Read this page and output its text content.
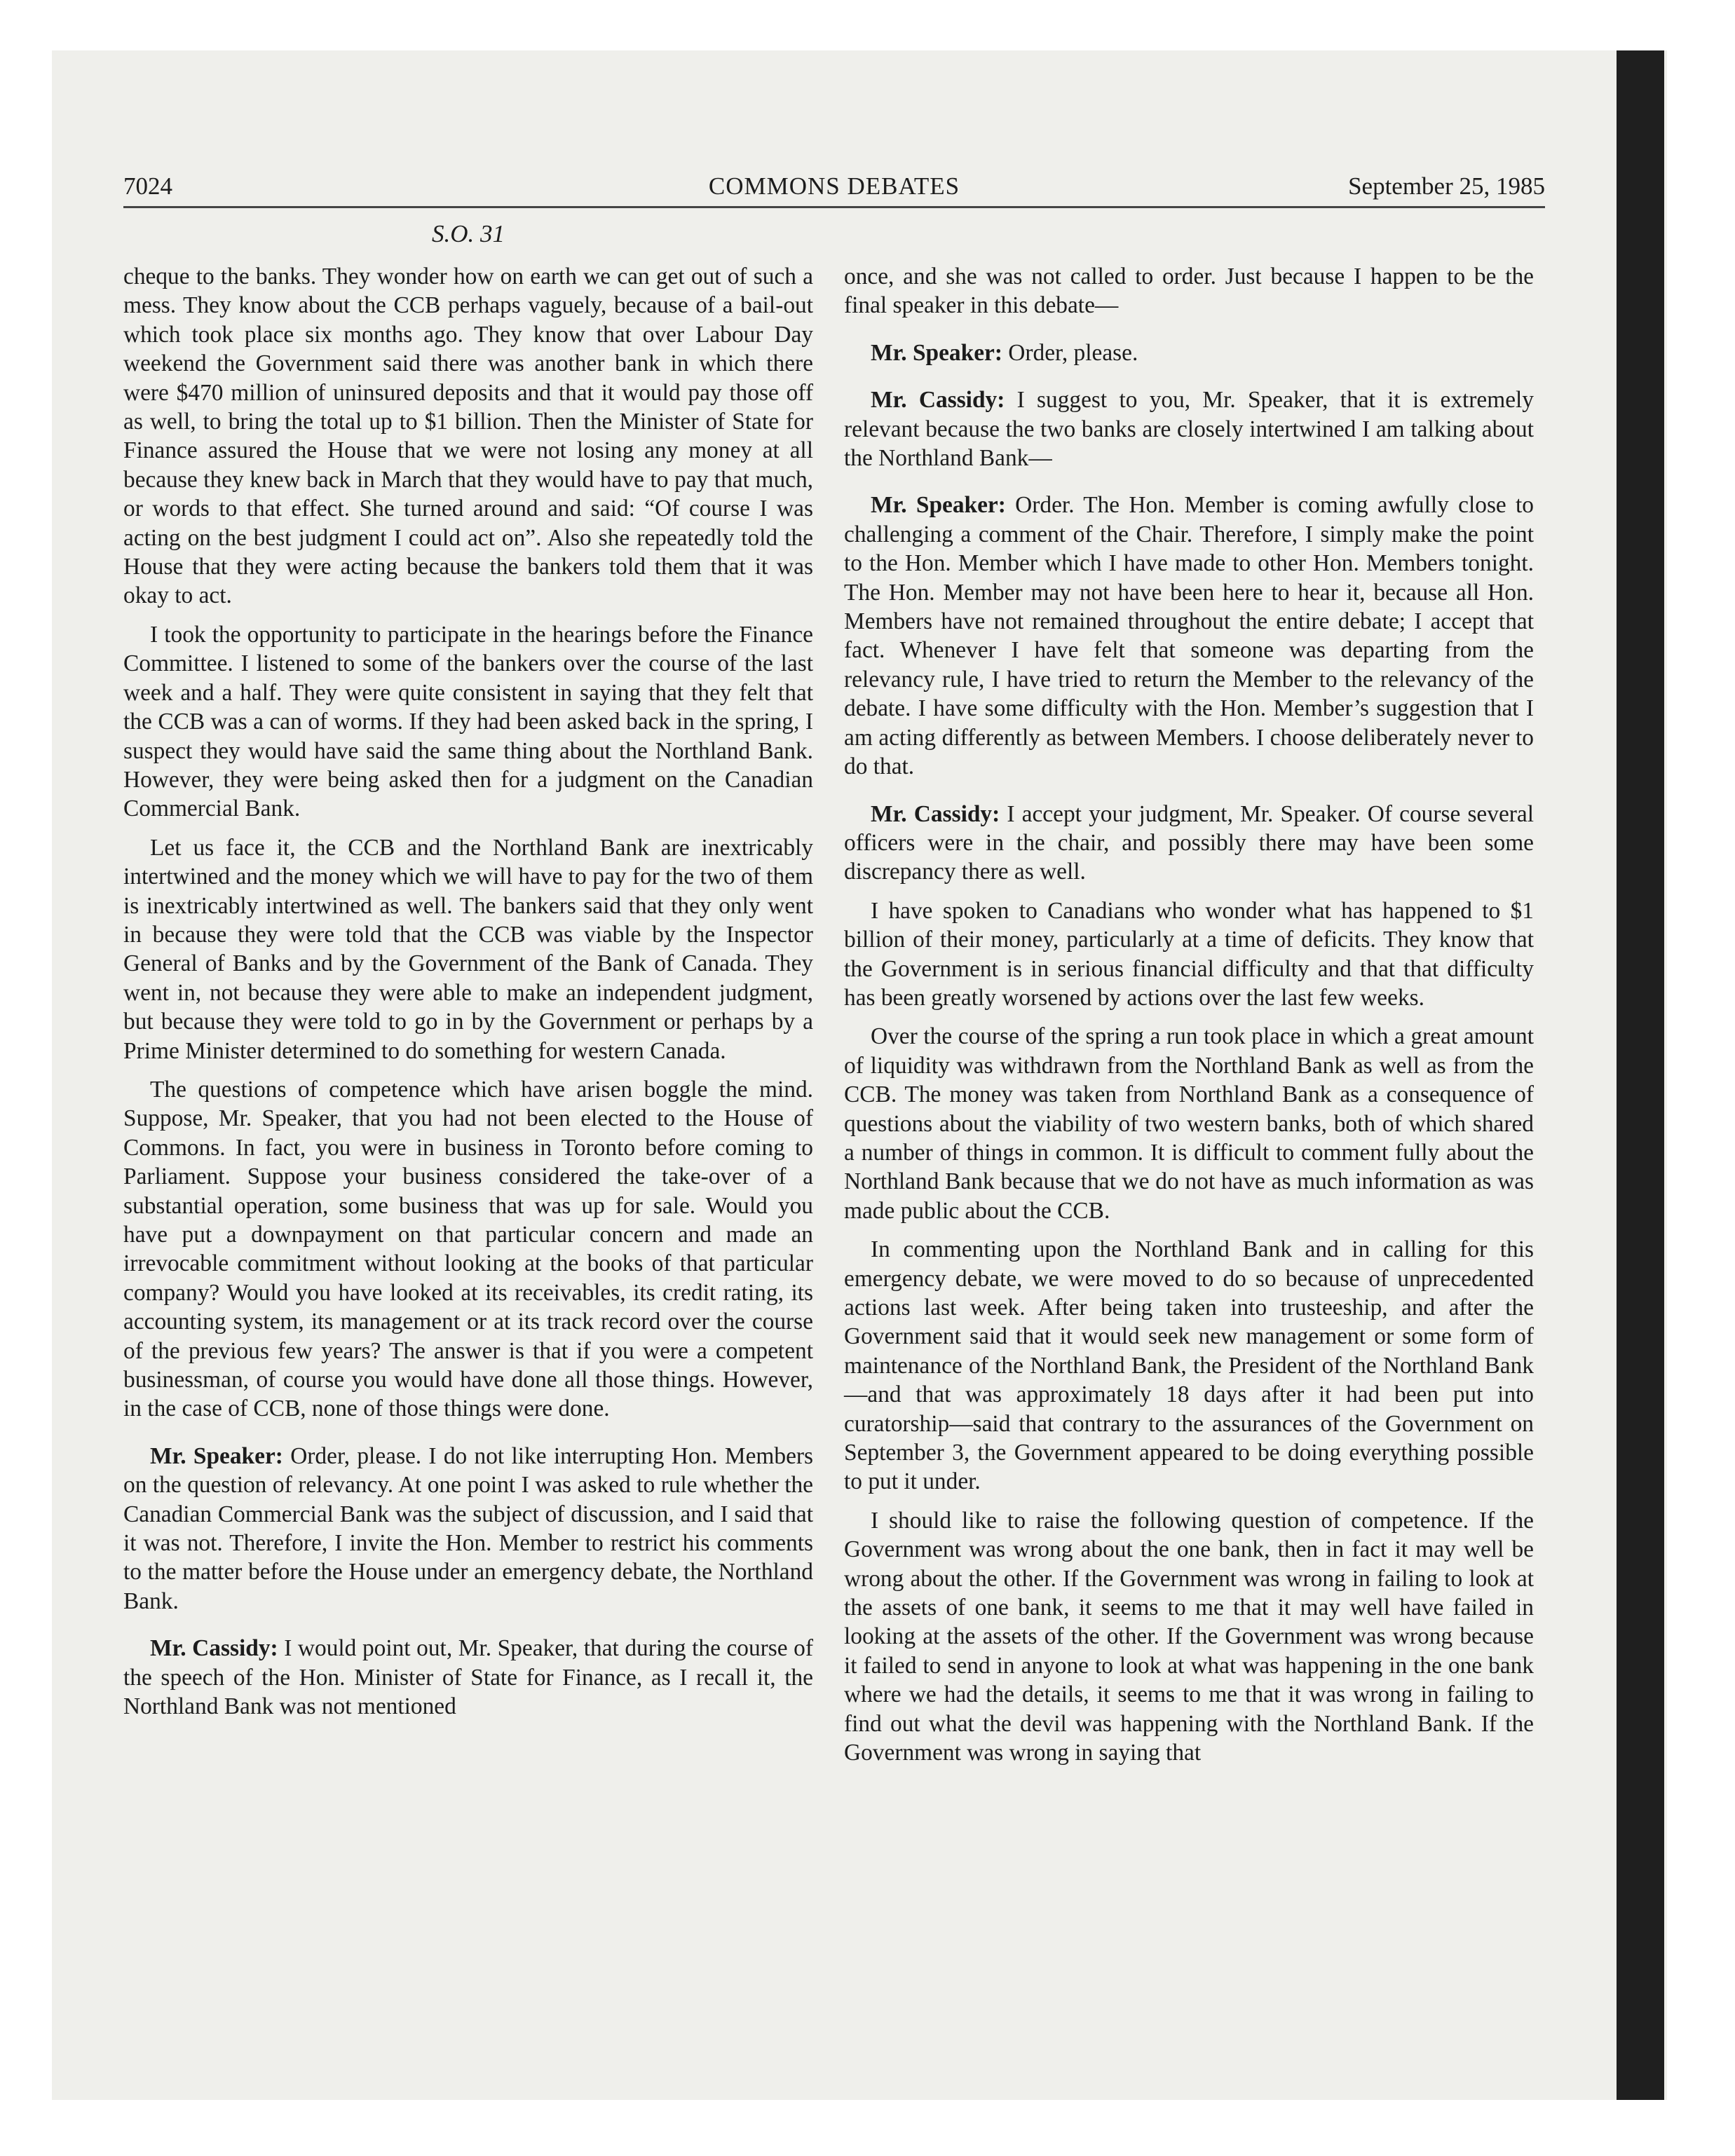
7024	COMMONS DEBATES	September 25, 1985
S.O. 31

cheque to the banks. They wonder how on earth we can get out of such a mess. They know about the CCB perhaps vaguely, because of a bail-out which took place six months ago. They know that over Labour Day weekend the Government said there was another bank in which there were $470 million of uninsured deposits and that it would pay those off as well, to bring the total up to $1 billion. Then the Minister of State for Finance assured the House that we were not losing any money at all because they knew back in March that they would have to pay that much, or words to that effect. She turned around and said: “Of course I was acting on the best judgment I could act on”. Also she repeatedly told the House that they were acting because the bankers told them that it was okay to act.

I took the opportunity to participate in the hearings before the Finance Committee. I listened to some of the bankers over the course of the last week and a half. They were quite consistent in saying that they felt that the CCB was a can of worms. If they had been asked back in the spring, I suspect they would have said the same thing about the Northland Bank. However, they were being asked then for a judgment on the Canadian Commercial Bank.

Let us face it, the CCB and the Northland Bank are inextricably intertwined and the money which we will have to pay for the two of them is inextricably intertwined as well. The bankers said that they only went in because they were told that the CCB was viable by the Inspector General of Banks and by the Government of the Bank of Canada. They went in, not because they were able to make an independent judgment, but because they were told to go in by the Government or perhaps by a Prime Minister determined to do something for western Canada.

The questions of competence which have arisen boggle the mind. Suppose, Mr. Speaker, that you had not been elected to the House of Commons. In fact, you were in business in Toronto before coming to Parliament. Suppose your business considered the take-over of a substantial operation, some business that was up for sale. Would you have put a downpayment on that particular concern and made an irrevocable commitment without looking at the books of that particular company? Would you have looked at its receivables, its credit rating, its accounting system, its management or at its track record over the course of the previous few years? The answer is that if you were a competent businessman, of course you would have done all those things. However, in the case of CCB, none of those things were done.

Mr. Speaker: Order, please. I do not like interrupting Hon. Members on the question of relevancy. At one point I was asked to rule whether the Canadian Commercial Bank was the subject of discussion, and I said that it was not. Therefore, I invite the Hon. Member to restrict his comments to the matter before the House under an emergency debate, the Northland Bank.

Mr. Cassidy: I would point out, Mr. Speaker, that during the course of the speech of the Hon. Minister of State for Finance, as I recall it, the Northland Bank was not mentioned

once, and she was not called to order. Just because I happen to be the final speaker in this debate—

Mr. Speaker: Order, please.

Mr. Cassidy: I suggest to you, Mr. Speaker, that it is extremely relevant because the two banks are closely intertwined I am talking about the Northland Bank—

Mr. Speaker: Order. The Hon. Member is coming awfully close to challenging a comment of the Chair. Therefore, I simply make the point to the Hon. Member which I have made to other Hon. Members tonight. The Hon. Member may not have been here to hear it, because all Hon. Members have not remained throughout the entire debate; I accept that fact. Whenever I have felt that someone was departing from the relevancy rule, I have tried to return the Member to the relevancy of the debate. I have some difficulty with the Hon. Member’s suggestion that I am acting differently as between Members. I choose deliberately never to do that.

Mr. Cassidy: I accept your judgment, Mr. Speaker. Of course several officers were in the chair, and possibly there may have been some discrepancy there as well.

I have spoken to Canadians who wonder what has happened to $1 billion of their money, particularly at a time of deficits. They know that the Government is in serious financial difficulty and that that difficulty has been greatly worsened by actions over the last few weeks.

Over the course of the spring a run took place in which a great amount of liquidity was withdrawn from the Northland Bank as well as from the CCB. The money was taken from Northland Bank as a consequence of questions about the viability of two western banks, both of which shared a number of things in common. It is difficult to comment fully about the Northland Bank because that we do not have as much information as was made public about the CCB.

In commenting upon the Northland Bank and in calling for this emergency debate, we were moved to do so because of unprecedented actions last week. After being taken into trusteeship, and after the Government said that it would seek new management or some form of maintenance of the Northland Bank, the President of the Northland Bank—and that was approximately 18 days after it had been put into curatorship—said that contrary to the assurances of the Government on September 3, the Government appeared to be doing everything possible to put it under.

I should like to raise the following question of competence. If the Government was wrong about the one bank, then in fact it may well be wrong about the other. If the Government was wrong in failing to look at the assets of one bank, it seems to me that it may well have failed in looking at the assets of the other. If the Government was wrong because it failed to send in anyone to look at what was happening in the one bank where we had the details, it seems to me that it was wrong in failing to find out what the devil was happening with the Northland Bank. If the Government was wrong in saying that
